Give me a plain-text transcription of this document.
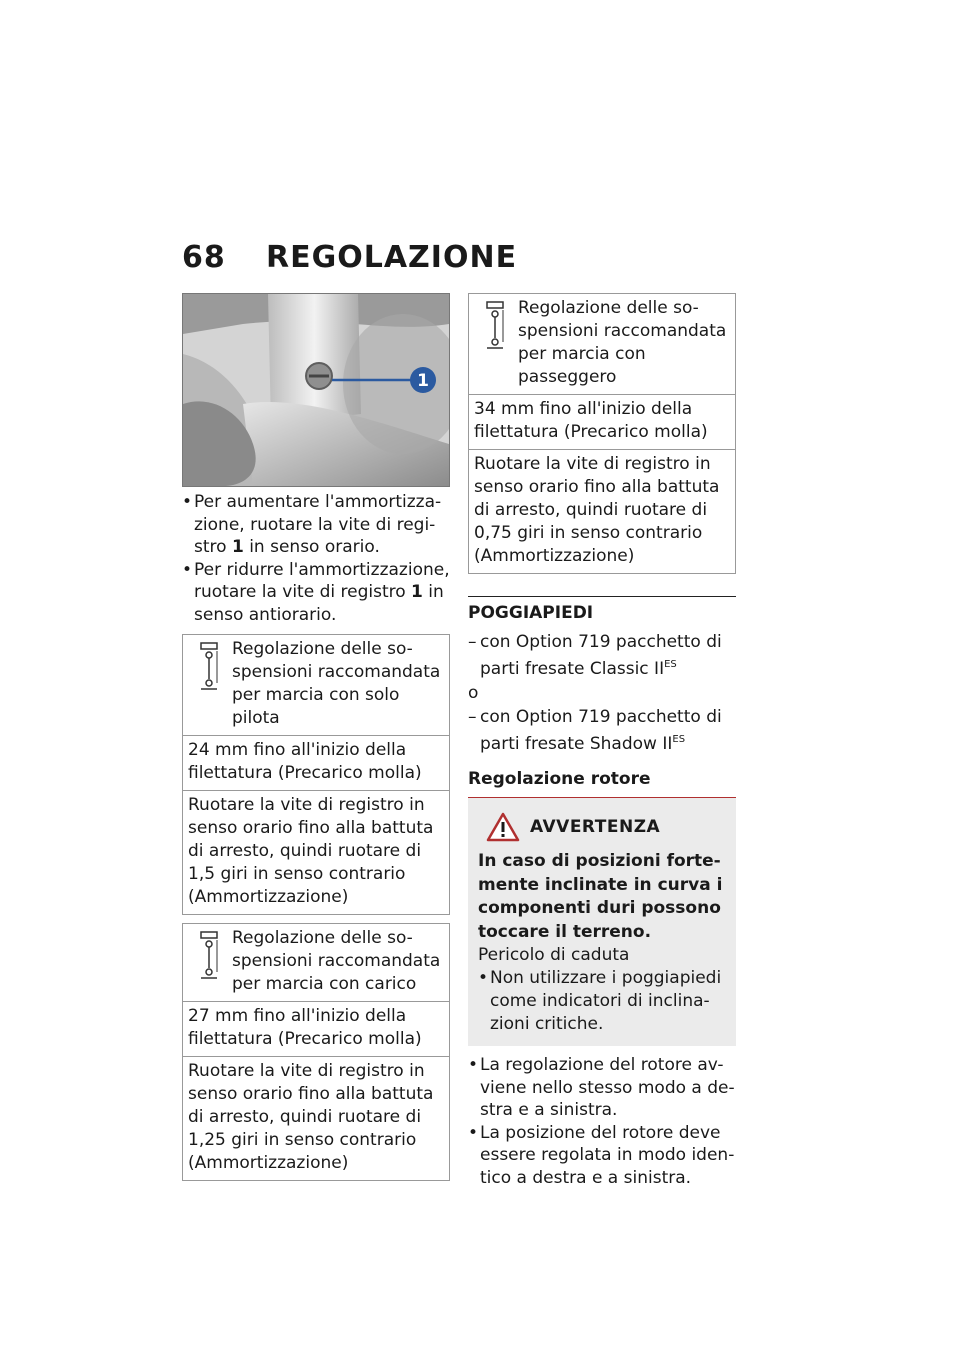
68	REGOLAZIONE
1
• Per aumentare l'ammortizza-zione, ruotare la vite di regi-stro 1 in senso orario.
• Per ridurre l'ammortizzazione, ruotare la vite di registro 1 in senso antiorario.
Regolazione delle so-
spensioni raccomandata per marcia con solo pilota
24 mm fino all'inizio della filettatura (Precarico molla)
Ruotare la vite di registro in senso orario fino alla battuta di arresto, quindi ruotare di 1,5 giri in senso contrario (Ammortizzazione)
Regolazione delle so-
spensioni raccomandata per marcia con carico
27 mm fino all'inizio della filettatura (Precarico molla)
Ruotare la vite di registro in senso orario fino alla battuta di arresto, quindi ruotare di 1,25 giri in senso contrario (Ammortizzazione)
Regolazione delle so-
spensioni raccomandata per marcia con passeggero
34 mm fino all'inizio della filettatura (Precarico molla)
Ruotare la vite di registro in senso orario fino alla battuta di arresto, quindi ruotare di 0,75 giri in senso contrario (Ammortizzazione)
POGGIAPIEDI
– con Option 719 pacchetto di parti fresate Classic $II^{ES}$
o
– con Option 719 pacchetto di parti fresate Shadow $II^{ES}$
Regolazione rotore
AVVERTENZA
In caso di posizioni forte-mente inclinate in curva i componenti duri possono toccare il terreno.
Pericolo di caduta
• Non utilizzare i poggiapiedi come indicatori di inclina-zioni critiche.
• La regolazione del rotore av-viene nello stesso modo a de-stra e a sinistra.
• La posizione del rotore deve essere regolata in modo iden-tico a destra e a sinistra.
